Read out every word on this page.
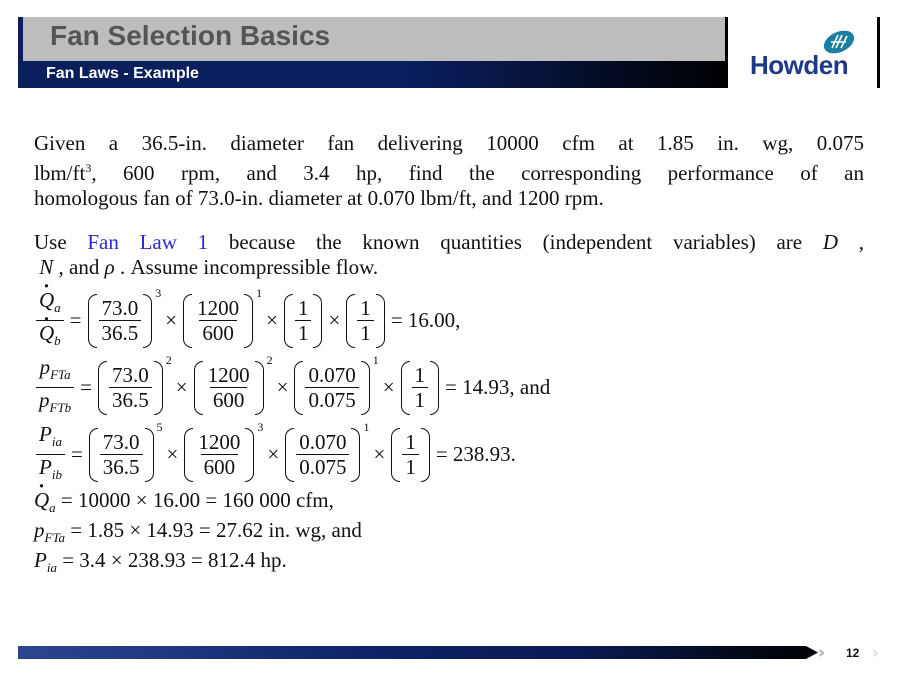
Fan Selection Basics
Fan Laws - Example	Howden
Given a 36.5-in. diameter fan delivering 10000 cfm at 1.85 in. wg, 0.075
lbm/$ft^3$, 600 rpm, and 3.4 hp, find the corresponding performance of an
homologous fan of 73.0-in. diameter at 0.070 lbm/ft, and 1200 rpm.
Use Fan Law 1 because the known quantities (independent variables) are D ,
N , and ρ . Assume incompressible flow.
· $Q_a$
· $Q_b = \frac{73.0}{36.5}$
3
× $\frac{1200}{600}$
1
× $\frac{1}{1} \times \frac{1}{1} = 16.00$,
$\frac{p_{FTa}}{p_{FTb}} = \frac{73.0}{36.5}$
2
× $\frac{1200}{600}$
2
× $\frac{0.070}{0.075}$
1
× $\frac{1}{1} = 14.93$, and
$\frac{P_{ia}}{P_{ib}} = \frac{73.0}{36.5}$
5
× $\frac{1200}{600}$
3
× $\frac{0.070}{0.075}$
1
× $\frac{1}{1} = 238.93$.
· $Q_a = 10000 \times 16.00 = 160$ 000 cfm,
$p_{FTa} = 1.85 \times 14.93 = 27.62$ in. wg, and
$P_{ia} = 3.4 \times 238.93 = 812.4$ hp.
› 12 ›
